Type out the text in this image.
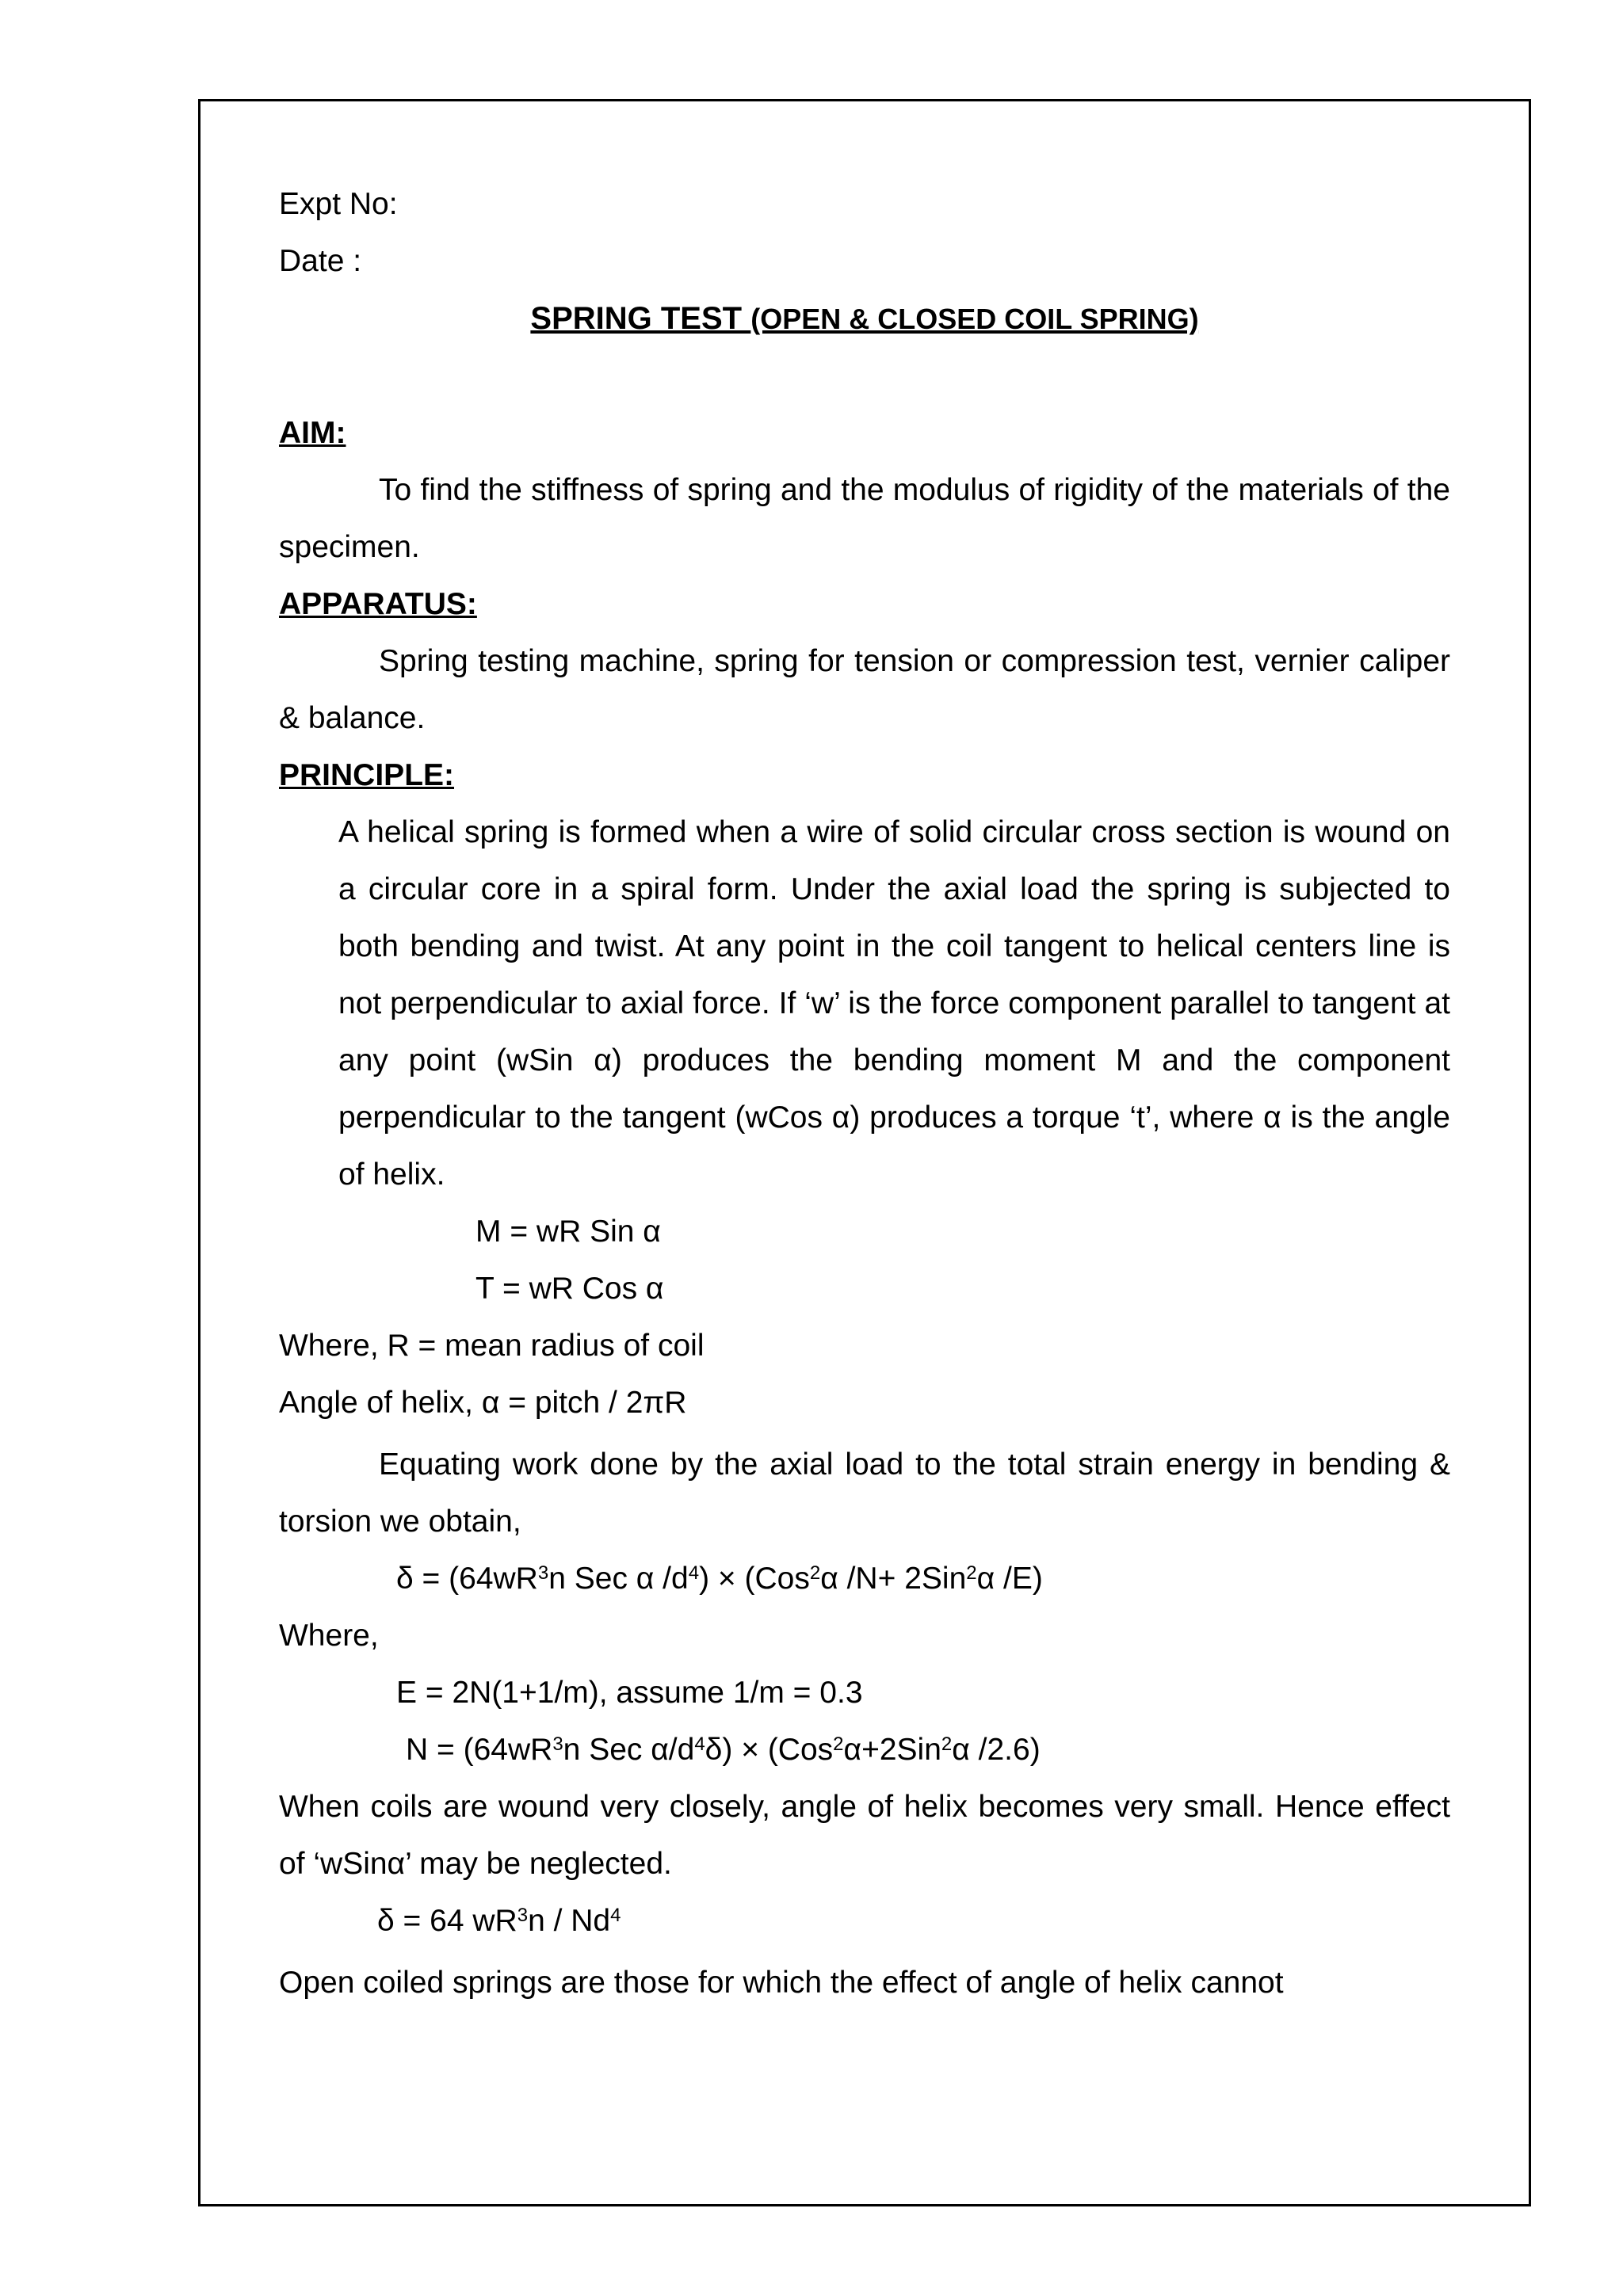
Expt No:
Date :
SPRING TEST (OPEN & CLOSED COIL SPRING)
AIM:

To find the stiffness of spring and the modulus of rigidity of the materials of the specimen.

APPARATUS:

Spring testing machine, spring for tension or compression test, vernier caliper & balance.

PRINCIPLE:

A helical spring is formed when a wire of solid circular cross section is wound on a circular core in a spiral form. Under the axial load the spring is subjected to both bending and twist. At any point in the coil tangent to helical centers line is not perpendicular to axial force. If ‘w’ is the force component parallel to tangent at any point (wSin α) produces the bending moment M and the component perpendicular to the tangent (wCos α) produces a torque ‘t’, where α is the angle of helix.

M = wR Sin α
T = wR Cos α
Where, R = mean radius of coil
Angle of helix, α = pitch / 2πR

Equating work done by the axial load to the total strain energy in bending & torsion we obtain,

$\delta = (64wR^3n$ Sec α $/d^4) \times (Cos^2\alpha$ /N+ 2Sin$^2$α /E)
Where,
E = 2N(1+1/m), assume 1/m = 0.3
$N = (64wR^3n$ Sec $\alpha/d^4\delta) \times (Cos^2\alpha+2Sin^2\alpha$ /2.6)

When coils are wound very closely, angle of helix becomes very small. Hence effect of ‘wSinα’ may be neglected.

δ = 64 $wR^3n / Nd^4$
Open coiled springs are those for which the effect of angle of helix cannot
